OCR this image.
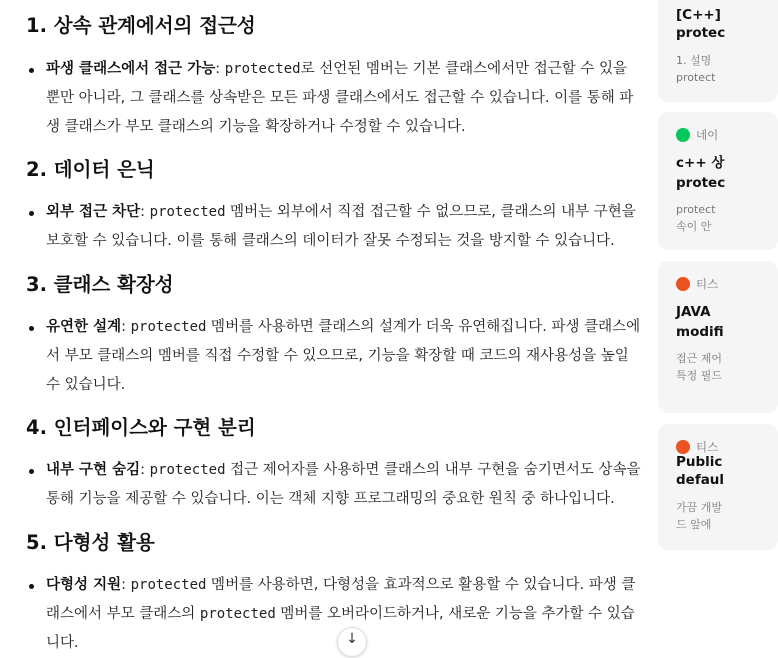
1. 상속 관계에서의 접근성
파생 클래스에서 접근 가능: protected로 선언된 멤버는 기본 클래스에서만 접근할 수 있을 뿐만 아니라, 그 클래스를 상속받은 모든 파생 클래스에서도 접근할 수 있습니다. 이를 통해 파생 클래스가 부모 클래스의 기능을 확장하거나 수정할 수 있습니다.
2. 데이터 은닉
외부 접근 차단: protected 멤버는 외부에서 직접 접근할 수 없으므로, 클래스의 내부 구현을 보호할 수 있습니다. 이를 통해 클래스의 데이터가 잘못 수정되는 것을 방지할 수 있습니다.
3. 클래스 확장성
유연한 설계: protected 멤버를 사용하면 클래스의 설계가 더욱 유연해집니다. 파생 클래스에서 부모 클래스의 멤버를 직접 수정할 수 있으므로, 기능을 확장할 때 코드의 재사용성을 높일 수 있습니다.
4. 인터페이스와 구현 분리
내부 구현 숨김: protected 접근 제어자를 사용하면 클래스의 내부 구현을 숨기면서도 상속을 통해 기능을 제공할 수 있습니다. 이는 객체 지향 프로그래밍의 중요한 원칙 중 하나입니다.
5. 다형성 활용
다형성 지원: protected 멤버를 사용하면, 다형성을 효과적으로 활용할 수 있습니다. 파생 클래스에서 부모 클래스의 protected 멤버를 오버라이드하거나, 새로운 기능을 추가할 수 있습니다.	↓
[C++]
protec
1. 설명
protect
네이
c++ 상
protec
protect
속이 안
티스
JAVA
modifi
접근 제어
특정 필드
티스
Public
defaul
가끔 개발
드 앞에
